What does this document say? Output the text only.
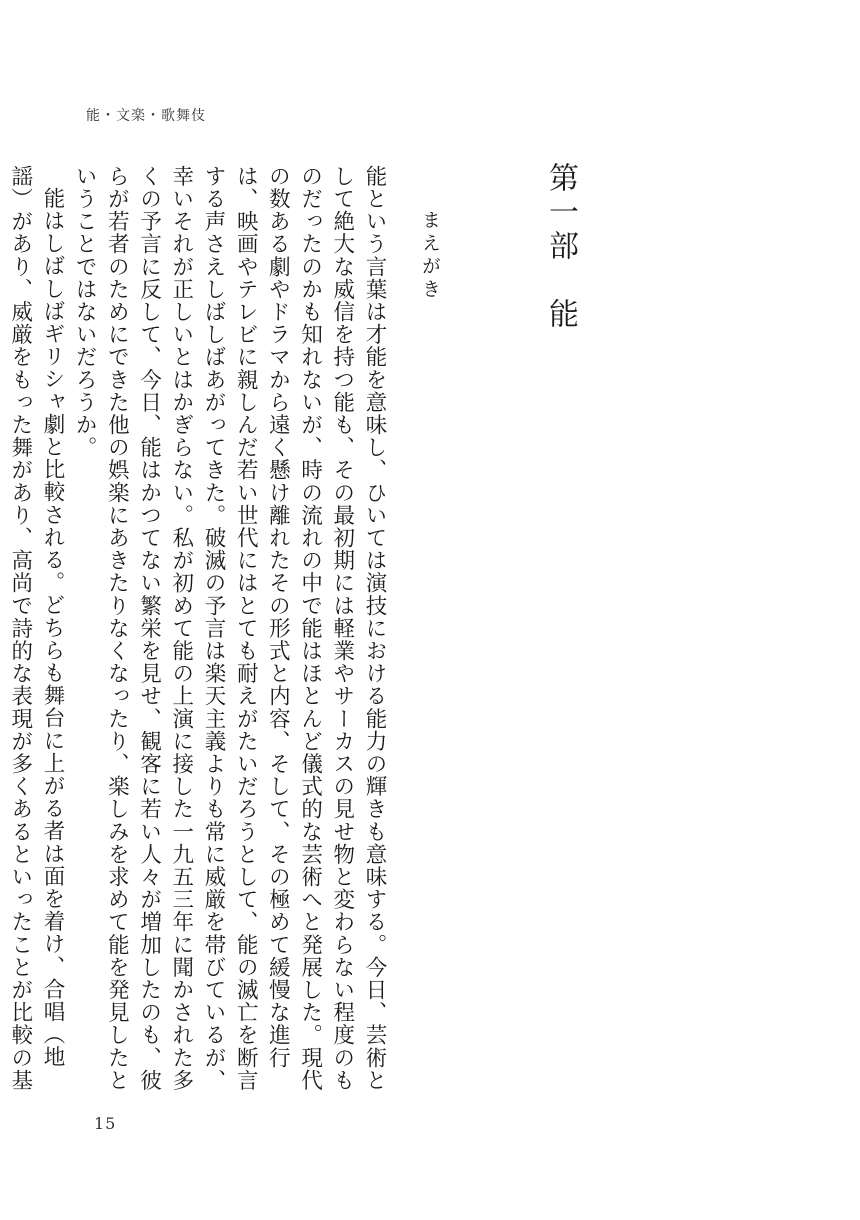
能・文楽・歌舞伎
第一部　能
まえがき

能という言葉は才能を意味し、ひいては演技における能力の輝きも意味する。今日、芸術として絶大な威信を持つ能も、その最初期には軽業やサーカスの見せ物と変わらない程度のものだったのかも知れないが、時の流れの中で能はほとんど儀式的な芸術へと発展した。現代の数ある劇やドラマから遠く懸け離れたその形式と内容、そして、その極めて緩慢な進行は、映画やテレビに親しんだ若い世代にはとても耐えがたいだろうとして、能の滅亡を断言する声さえしばしばあがってきた。破滅の予言は楽天主義よりも常に威厳を帯びているが、幸いそれが正しいとはかぎらない。私が初めて能の上演に接した一九五三年に聞かされた多くの予言に反して、今日、能はかつてない繁栄を見せ、観客に若い人々が増加したのも、彼らが若者のためにできた他の娯楽にあきたりなくなったり、楽しみを求めて能を発見したということではないだろうか。

能はしばしばギリシャ劇と比較される。どちらも舞台に上がる者は面を着け、合唱（地謡）があり、威厳をもった舞があり、高尚で詩的な表現が多くあるといったことが比較の基

15
